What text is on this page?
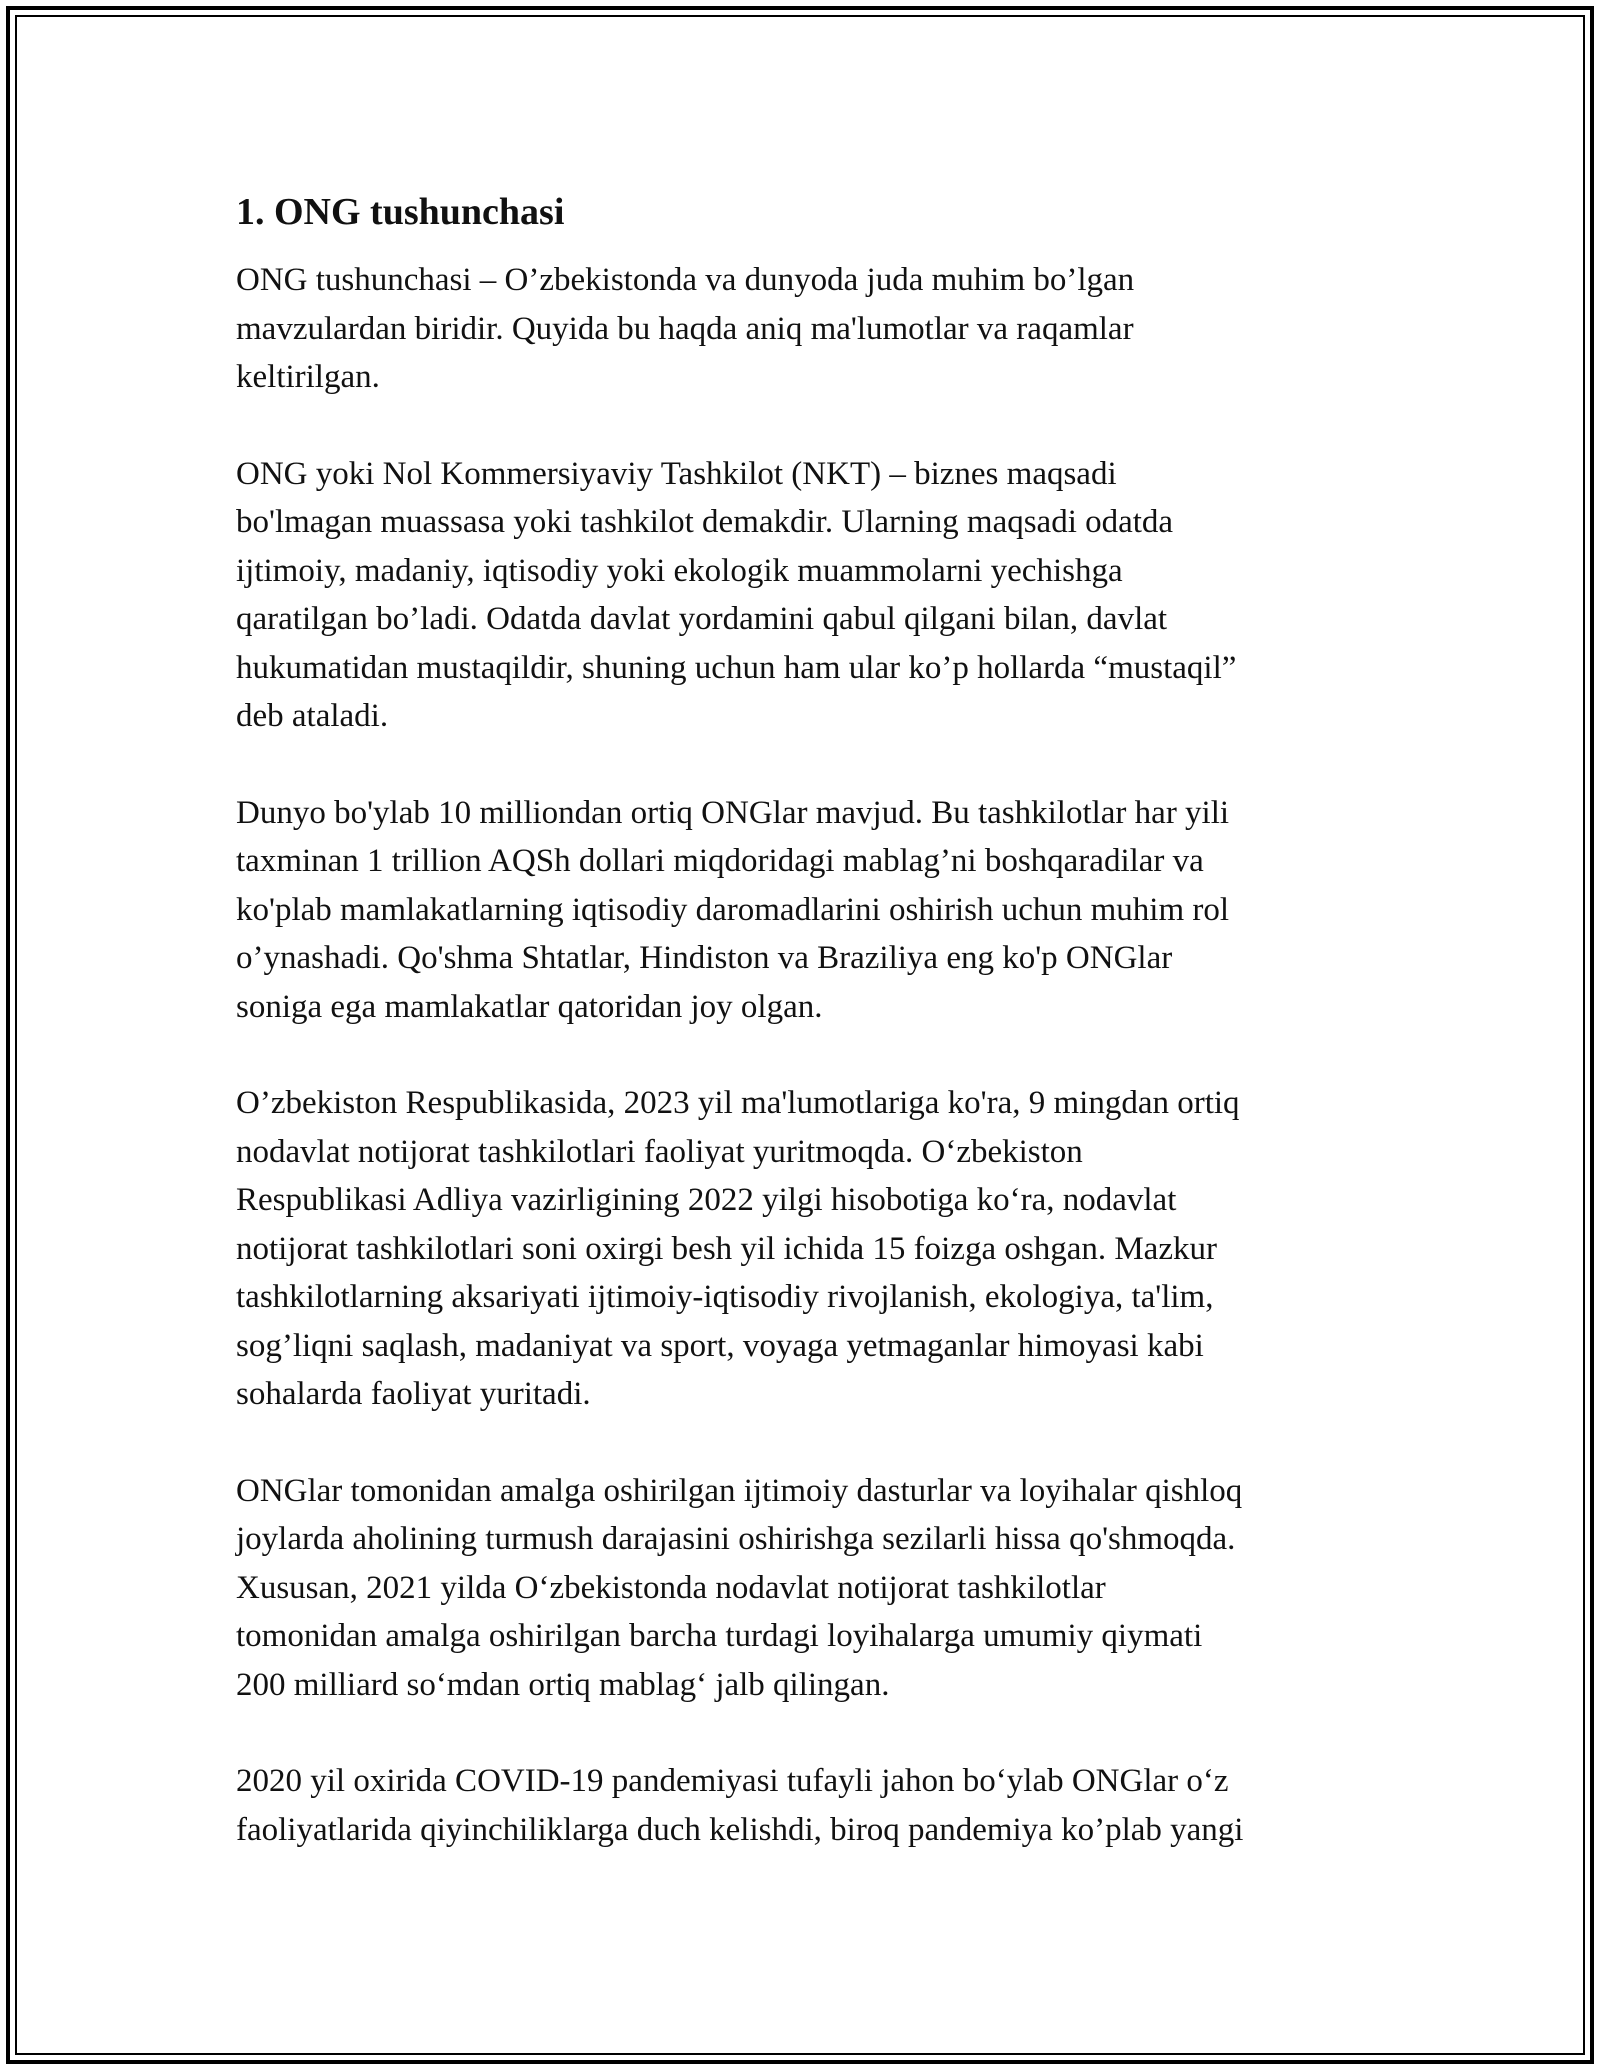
1. ONG tushunchasi

ONG tushunchasi – O’zbekistonda va dunyoda juda muhim bo’lgan
mavzulardan biridir. Quyida bu haqda aniq ma'lumotlar va raqamlar
keltirilgan.

ONG yoki Nol Kommersiyaviy Tashkilot (NKT) – biznes maqsadi
bo'lmagan muassasa yoki tashkilot demakdir. Ularning maqsadi odatda
ijtimoiy, madaniy, iqtisodiy yoki ekologik muammolarni yechishga
qaratilgan bo’ladi. Odatda davlat yordamini qabul qilgani bilan, davlat
hukumatidan mustaqildir, shuning uchun ham ular ko’p hollarda “mustaqil”
deb ataladi.

Dunyo bo'ylab 10 milliondan ortiq ONGlar mavjud. Bu tashkilotlar har yili
taxminan 1 trillion AQSh dollari miqdoridagi mablag’ni boshqaradilar va
ko'plab mamlakatlarning iqtisodiy daromadlarini oshirish uchun muhim rol
o’ynashadi. Qo'shma Shtatlar, Hindiston va Braziliya eng ko'p ONGlar
soniga ega mamlakatlar qatoridan joy olgan.

O’zbekiston Respublikasida, 2023 yil ma'lumotlariga ko'ra, 9 mingdan ortiq
nodavlat notijorat tashkilotlari faoliyat yuritmoqda. O‘zbekiston
Respublikasi Adliya vazirligining 2022 yilgi hisobotiga ko‘ra, nodavlat
notijorat tashkilotlari soni oxirgi besh yil ichida 15 foizga oshgan. Mazkur
tashkilotlarning aksariyati ijtimoiy-iqtisodiy rivojlanish, ekologiya, ta'lim,
sog’liqni saqlash, madaniyat va sport, voyaga yetmaganlar himoyasi kabi
sohalarda faoliyat yuritadi.

ONGlar tomonidan amalga oshirilgan ijtimoiy dasturlar va loyihalar qishloq
joylarda aholining turmush darajasini oshirishga sezilarli hissa qo'shmoqda.
Xususan, 2021 yilda O‘zbekistonda nodavlat notijorat tashkilotlar
tomonidan amalga oshirilgan barcha turdagi loyihalarga umumiy qiymati
200 milliard so‘mdan ortiq mablag‘ jalb qilingan.

2020 yil oxirida COVID-19 pandemiyasi tufayli jahon bo‘ylab ONGlar o‘z
faoliyatlarida qiyinchiliklarga duch kelishdi, biroq pandemiya ko’plab yangi
